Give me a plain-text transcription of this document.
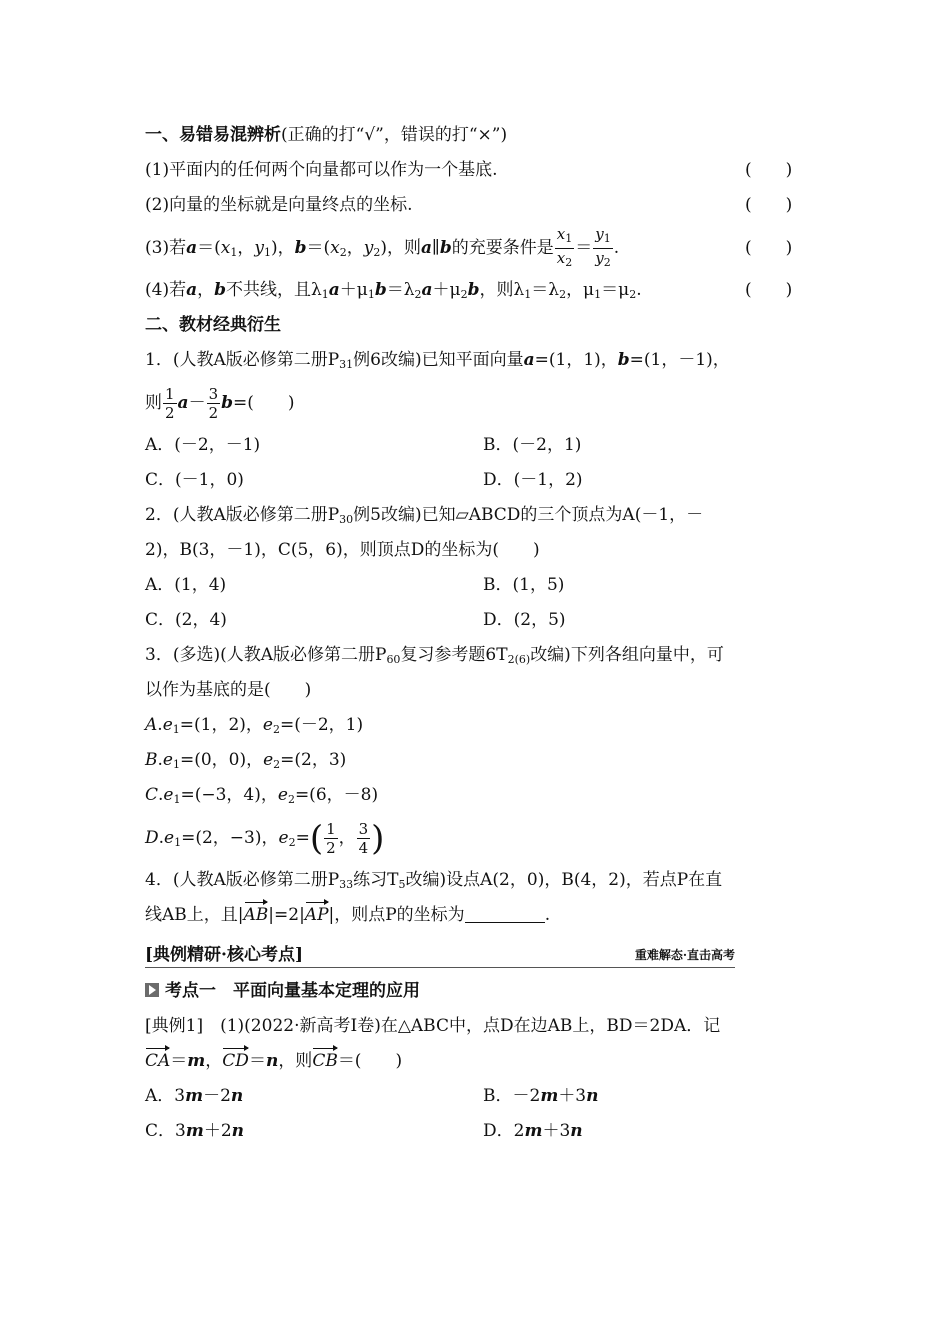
一、易错易混辨析(正确的打“√”，错误的打“×”)
(1)平面内的任何两个向量都可以作为一个基底.	(　　)
(2)向量的坐标就是向量终点的坐标.	(　　)
(3)若$a=(x_1$，$y_1$)，$b=(x_2$，$y_2$)，则a∥b的充要条件是 $\frac{x_1}{x_2} = \frac{y_1}{y_2}$ .	(　　)
(4)若a，b不共线，且$\lambda_1a+\mu_1b=\lambda_2a+\mu_2b$，则$\lambda_1=\lambda_2$，$\mu_1=\mu_2$.	(　　)
二、教材经典衍生
1．(人教A版必修第二册$P_{31}$例6改编)已知平面向量a=(1，1)，b=(1，－1)，
则 $\frac{1}{2} a- \frac{3}{2} b=$(　　)
A．(－2，－1)	B．(－2，1)
C．(－1，0)	D．(－1，2)
2．(人教A版必修第二册$P_{30}$例5改编)已知▱ABCD的三个顶点为A(－1，－
2)，B(3，－1)，C(5，6)，则顶点D的坐标为(　　)
A．(1，4)	B．(1，5)
C．(2，4)	D．(2，5)
3．(多选)(人教A版必修第二册$P_{60}$复习参考题$6T_{2(6)}$改编)下列各组向量中，可
以作为基底的是(　　)
$A.e_1=(1$，2)，$e_2=(-2$，1)
$B.e_1=(0$，0)，$e_2=(2$，3)
$C.e_1=(-3$，4)，$e_2=(6$，－8)
$D.e_1=(2$，−3)，$e_2=( \frac{1}{2}$ ， $\frac{3}{4}$ )
4．(人教A版必修第二册$P_{33}$练习$T_5$改编)设点A(2，0)，B(4，2)，若点P在直
线AB上，且|AB|=2|AP|，则点P的坐标为	.
[典例精研·核心考点]	重难解态·直击高考
考点一　平面向量基本定理的应用
[典例1]　 (1)(2022·新高考Ⅰ卷)在△ABC中，点D在边AB上，BD＝2DA．记
CA＝m，CD＝n，则CB＝(　　)
A．3m－2n	B．－2m＋3n
C．3m＋2n	D．2m＋3n
